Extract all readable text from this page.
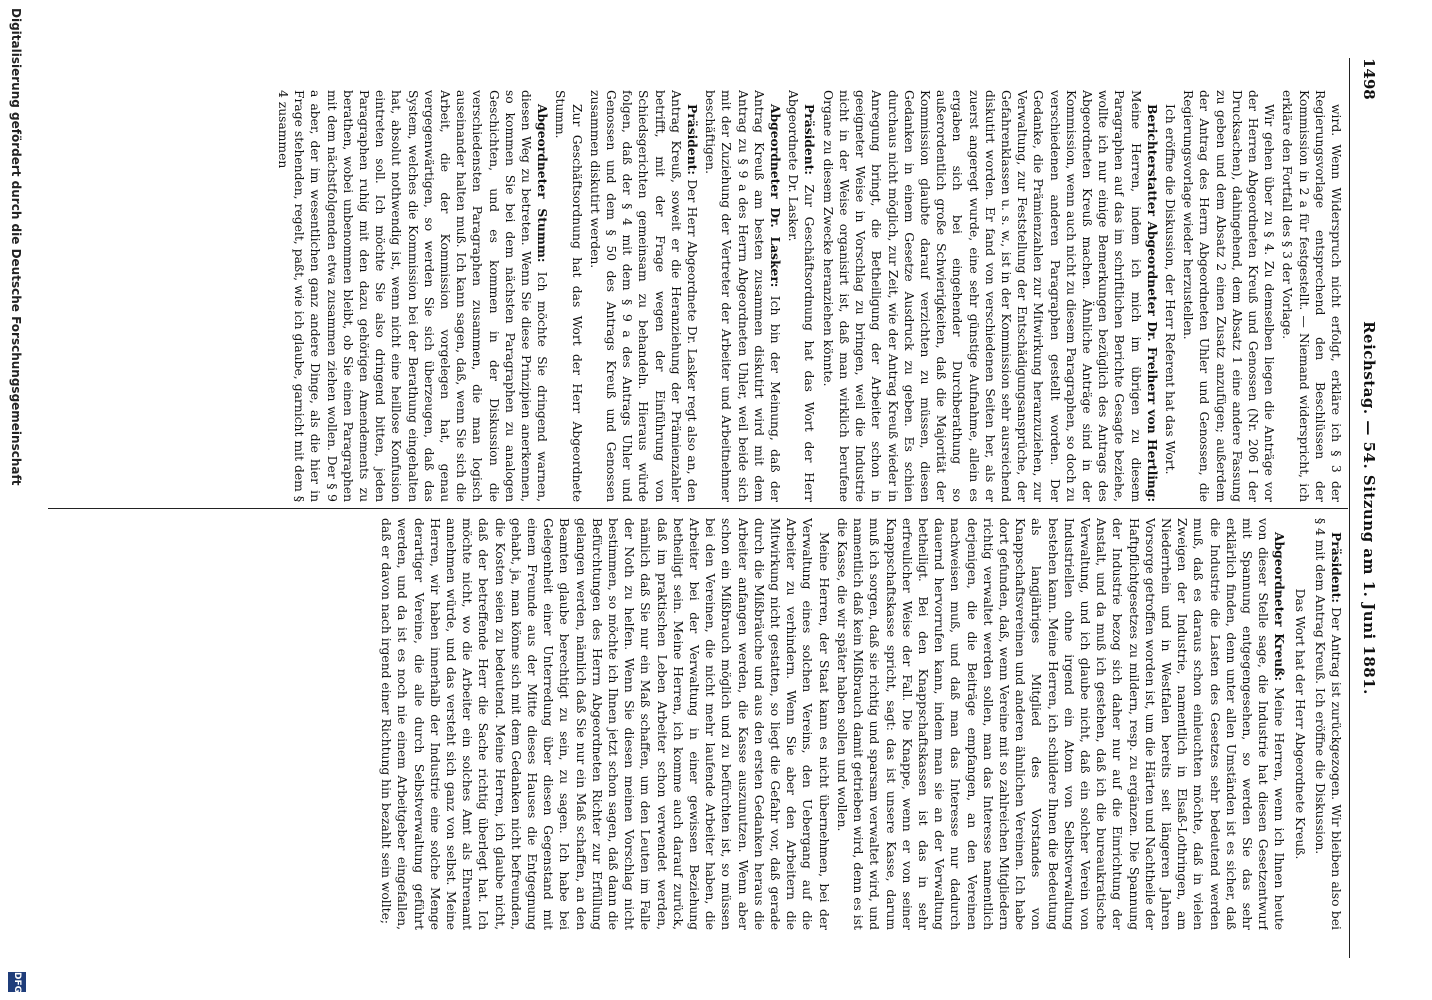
1498
Reichstag. — 54. Sitzung am 1. Juni 1881.

wird. Wenn Widerspruch nicht erfolgt, erkläre ich § 3 der Regierungsvorlage entsprechend den Beschlüssen der Kommission in 2 a für festgestellt. — Niemand widerspricht, ich erkläre den Fortfall des § 3 der Vorlage.

Wir gehen über zu § 4. Zu demselben liegen die Anträge vor der Herren Abgeordneten Kreuß und Genossen (Nr. 206 I der Drucksachen), dahingehend, dem Absatz 1 eine andere Fassung zu geben und dem Absatz 2 einen Zusatz anzufügen; außerdem der Antrag des Herrn Abgeordneten Uhler und Genossen, die Regierungsvorlage wieder herzustellen.

Ich eröffne die Diskussion, der Herr Referent hat das Wort.

Berichterstatter Abgeordneter Dr. Freiherr von Hertling: Meine Herren, indem ich mich im übrigen zu diesem Paragraphen auf das im schriftlichen Berichte Gesagte beziehe, wollte ich nur einige Bemerkungen bezüglich des Antrags des Abgeordneten Kreuß machen. Ähnliche Anträge sind in der Kommission, wenn auch nicht zu diesem Paragraphen, so doch zu verschiedenen anderen Paragraphen gestellt worden. Der Gedanke, die Prämienzahlen zur Mitwirkung heranzuziehen, zur Verwaltung, zur Feststellung der Entschädigungsansprüche, der Gefahrenklassen u. s. w., ist in der Kommission sehr ausreichend diskutirt worden. Er fand von verschiedenen Seiten her, als er zuerst angeregt wurde, eine sehr günstige Aufnahme, allein es ergaben sich bei eingehender Durchberathung so außerordentlich große Schwierigkeiten, daß die Majorität der Kommission glaubte darauf verzichten zu müssen, diesen Gedanken in einem Gesetze Ausdruck zu geben. Es schien durchaus nicht möglich, zur Zeit, wie der Antrag Kreuß wieder in Anregung bringt, die Betheiligung der Arbeiter schon in geeigneter Weise in Vorschlag zu bringen, weil die Industrie nicht in der Weise organisirt ist, daß man wirklich berufene Organe zu diesem Zwecke heranziehen könnte.

Präsident: Zur Geschäftsordnung hat das Wort der Herr Abgeordnete Dr. Lasker.

Abgeordneter Dr. Lasker: Ich bin der Meinung, daß der Antrag Kreuß am besten zusammen diskutirt wird mit dem Antrag zu § 9 a des Herrn Abgeordneten Uhler, weil beide sich mit der Zuziehung der Vertreter der Arbeiter und Arbeitnehmer beschäftigen.

Präsident: Der Herr Abgeordnete Dr. Lasker regt also an, den Antrag Kreuß, soweit er die Heranziehung der Prämienzahler betrifft, mit der Frage wegen der Einführung von Schiedsgerichten gemeinsam zu behandeln. Hieraus würde folgen, daß der § 4 mit dem § 9 a des Antrags Uhler und Genossen und dem § 50 des Antrags Kreuß und Genossen zusammen diskutirt werden.

Zur Geschäftsordnung hat das Wort der Herr Abgeordnete Stumm.

Abgeordneter Stumm: Ich möchte Sie dringend warnen, diesen Weg zu betreten. Wenn Sie diese Prinzipien anerkennen, so kommen Sie bei dem nächsten Paragraphen zu analogen Geschichten, und es kommen in der Diskussion die verschiedensten Paragraphen zusammen, die man logisch auseinander halten muß. Ich kann sagen, daß, wenn Sie sich die Arbeit, die der Kommission vorgelegen hat, genau vergegenwärtigen, so werden Sie sich überzeugen, daß das System, welches die Kommission bei der Berathung eingehalten hat, absolut nothwendig ist, wenn nicht eine heillose Konfusion eintreten soll. Ich möchte Sie also dringend bitten, jeden Paragraphen ruhig mit den dazu gehörigen Amendements zu berathen, wobei unbenommen bleibt, ob Sie einen Paragraphen mit dem nächstfolgenden etwa zusammen ziehen wollen. Der § 9 a aber, der im wesentlichen ganz andere Dinge, als die hier in Frage stehenden, regelt, paßt, wie ich glaube, garnicht mit dem § 4 zusammen

Präsident: Der Antrag ist zurückgezogen. Wir bleiben also bei § 4 mit dem Antrag Kreuß. Ich eröffne die Diskussion.

Das Wort hat der Herr Abgeordnete Kreuß.

Abgeordneter Kreuß: Meine Herren, wenn ich Ihnen heute von dieser Stelle sage, die Industrie hat diesen Gesetzentwurf mit Spannung entgegengesehen, so werden Sie das sehr erklärlich finden, denn unter allen Umständen ist es sicher, daß die Industrie die Lasten des Gesetzes sehr bedeutend werden muß, daß es daraus schon einleuchten möchte, daß in vielen Zweigen der Industrie, namentlich in Elsaß-Lothringen, am Niederrhein und in Westfalen bereits seit längeren Jahren Vorsorge getroffen worden ist, um die Härten und Nachtheile der Haftpflichtgesetzes zu mildern, resp. zu ergänzen. Die Spannung der Industrie bezog sich daher nur auf die Einrichtung der Anstalt, und da muß ich gestehen, daß ich die bureaukratische Verwaltung, und ich glaube nicht, daß ein solcher Verein von Industriellen ohne irgend ein Atom von Selbstverwaltung bestehen kann. Meine Herren, ich schildere Ihnen die Bedeutung als langjähriges Mitglied des Vorstandes von Knappschaftsvereinen und anderen ähnlichen Vereinen. Ich habe dort gefunden, daß, wenn Vereine mit so zahlreichen Mitgliedern richtig verwaltet werden sollen, man das Interesse namentlich derjenigen, die die Beiträge empfangen, an den Vereinen nachweisen muß, und daß man das Interesse nur dadurch dauernd hervorrufen kann, indem man sie an der Verwaltung betheiligt. Bei den Knappschaftskassen ist das in sehr erfreulicher Weise der Fall. Die Knappe, wenn er von seiner Knappschaftskasse spricht, sagt: das ist unsere Kasse, darum muß ich sorgen, daß sie richtig und sparsam verwaltet wird, und namentlich daß kein Mißbrauch damit getrieben wird, denn es ist die Kasse, die wir später haben sollen und wollen.

Meine Herren, der Staat kann es nicht übernehmen, bei der Verwaltung eines solchen Vereins, den Uebergang auf die Arbeiter zu verhindern. Wenn Sie aber den Arbeitern die Mitwirkung nicht gestatten, so liegt die Gefahr vor, daß gerade durch die Mißbräuche und aus den ersten Gedanken heraus die Arbeiter anfangen werden, die Kasse auszunutzen. Wenn aber schon ein Mißbrauch möglich und zu befürchten ist, so müssen bei den Vereinen, die nicht mehr laufende Arbeiter haben, die Arbeiter bei der Verwaltung in einer gewissen Beziehung betheiligt sein. Meine Herren, ich komme auch darauf zurück, daß im praktischen Leben Arbeiter schon verwendet werden, nämlich daß Sie nur ein Maß schaffen, um den Leuten im Falle der Noth zu helfen. Wenn Sie diesen meinen Vorschlag nicht bestimmen, so möchte ich Ihnen jetzt schon sagen, daß dann die Befürchtungen des Herrn Abgeordneten Richter zur Erfüllung gelangen werden, nämlich daß Sie nur ein Maß schaffen, an den Beamten glaube berechtigt zu sein, zu sagen. Ich habe bei Gelegenheit einer Unterredung über diesen Gegenstand mit einem Freunde aus der Mitte dieses Hauses die Entgegnung gehabt, ja, man könne sich mit dem Gedanken nicht befreunden, die Kosten seien zu bedeutend. Meine Herren, ich glaube nicht, daß der betreffende Herr die Sache richtig überlegt hat. Ich möchte nicht, wo die Arbeiter ein solches Amt als Ehrenamt annehmen würde, und das versteht sich ganz von selbst. Meine Herren, wir haben innerhalb der Industrie eine solche Menge derartiger Vereine, die alle durch Selbstverwaltung geführt werden, und da ist es noch nie einem Arbeitgeber eingefallen, daß er davon nach irgend einer Richtung hin bezahlt sein wollte;

Digitalisierung gefördert durch die Deutsche Forschungsgemeinschaft
DFG
